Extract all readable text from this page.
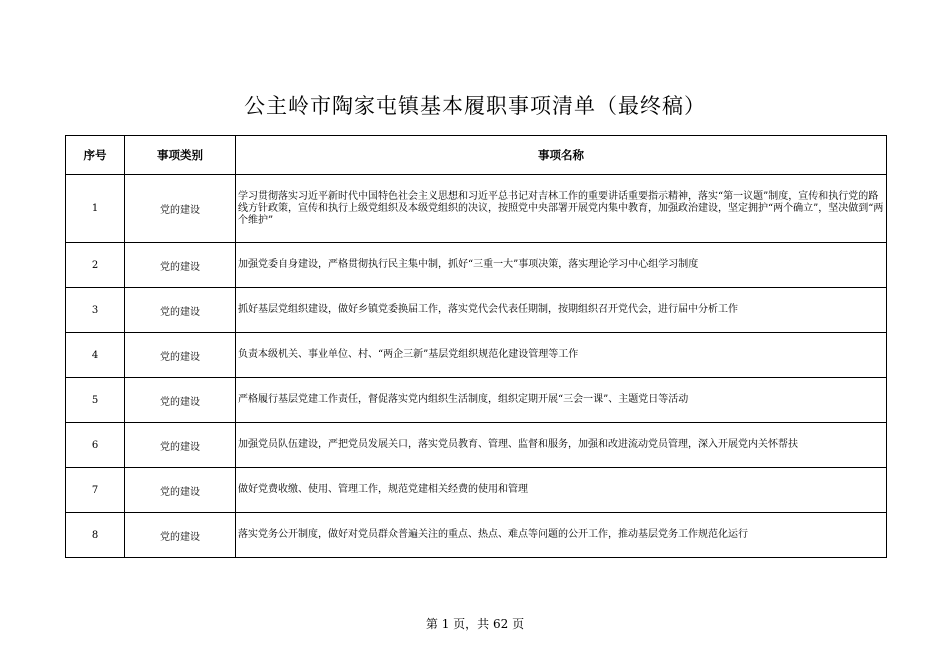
公主岭市陶家屯镇基本履职事项清单（最终稿）
序号	事项类别	事项名称
1	党的建设	学习贯彻落实习近平新时代中国特色社会主义思想和习近平总书记对吉林工作的重要讲话重要指示精神，落实“第一议题”制度，宣传和执行党的路线方针政策，宣传和执行上级党组织及本级党组织的决议，按照党中央部署开展党内集中教育，加强政治建设，坚定拥护“两个确立”，坚决做到“两个维护”
2	党的建设	加强党委自身建设，严格贯彻执行民主集中制，抓好“三重一大”事项决策，落实理论学习中心组学习制度
3	党的建设	抓好基层党组织建设，做好乡镇党委换届工作，落实党代会代表任期制，按期组织召开党代会，进行届中分析工作
4	党的建设	负责本级机关、事业单位、村、“两企三新”基层党组织规范化建设管理等工作
5	党的建设	严格履行基层党建工作责任，督促落实党内组织生活制度，组织定期开展“三会一课”、主题党日等活动
6	党的建设	加强党员队伍建设，严把党员发展关口，落实党员教育、管理、监督和服务，加强和改进流动党员管理，深入开展党内关怀帮扶
7	党的建设	做好党费收缴、使用、管理工作，规范党建相关经费的使用和管理
8	党的建设	落实党务公开制度，做好对党员群众普遍关注的重点、热点、难点等问题的公开工作，推动基层党务工作规范化运行
第 1 页，共 62 页
